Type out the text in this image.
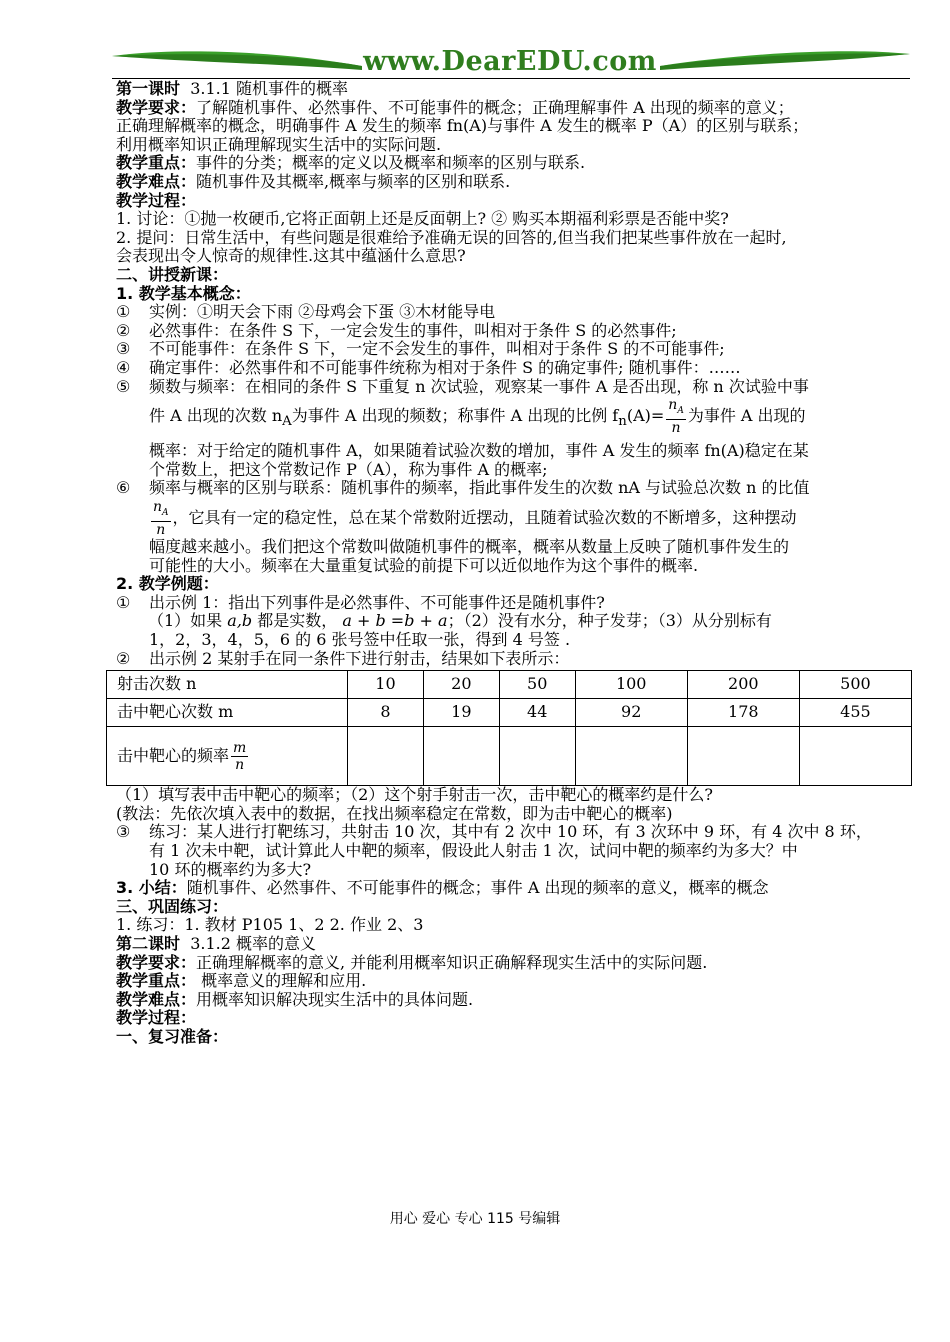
www.DearEDU.com

第一课时 3.1.1 随机事件的概率

教学要求：了解随机事件、必然事件、不可能事件的概念；正确理解事件 A 出现的频率的意义；

正确理解概率的概念，明确事件 A 发生的频率 fn(A)与事件 A 发生的概率 P（A）的区别与联系；

利用概率知识正确理解现实生活中的实际问题.

教学重点：事件的分类；概率的定义以及概率和频率的区别与联系.

教学难点：随机事件及其概率,概率与频率的区别和联系.

教学过程：

1. 讨论：①抛一枚硬币,它将正面朝上还是反面朝上? ② 购买本期福利彩票是否能中奖?

2. 提问：日常生活中，有些问题是很难给予准确无误的回答的,但当我们把某些事件放在一起时,

会表现出令人惊奇的规律性.这其中蕴涵什么意思?

二、讲授新课：

1. 教学基本概念：

① 实例：①明天会下雨 ②母鸡会下蛋 ③木材能导电

② 必然事件：在条件 S 下，一定会发生的事件，叫相对于条件 S 的必然事件;

③ 不可能事件：在条件 S 下，一定不会发生的事件，叫相对于条件 S 的不可能事件;

④ 确定事件：必然事件和不可能事件统称为相对于条件 S 的确定事件; 随机事件：……

⑤ 频数与频率：在相同的条件 S 下重复 n 次试验，观察某一事件 A 是否出现，称 n 次试验中事

件 A 出现的次数 $n_A$为事件 A 出现的频数；称事件 A 出现的比例 $f_n(A)= \frac{n_A}{n}$ 为事件 A 出现的

概率：对于给定的随机事件 A，如果随着试验次数的增加，事件 A 发生的频率 fn(A)稳定在某

个常数上，把这个常数记作 P（A），称为事件 A 的概率;

⑥ 频率与概率的区别与联系：随机事件的频率，指此事件发生的次数 nA 与试验总次数 n 的比值

$\frac{n_A}{n}$ ，它具有一定的稳定性，总在某个常数附近摆动，且随着试验次数的不断增多，这种摆动

幅度越来越小。我们把这个常数叫做随机事件的概率，概率从数量上反映了随机事件发生的

可能性的大小。频率在大量重复试验的前提下可以近似地作为这个事件的概率.

2. 教学例题：

① 出示例 1：指出下列事件是必然事件、不可能事件还是随机事件?

（1）如果 a,b 都是实数， a + b =b + a；（2）没有水分，种子发芽；（3）从分别标有

1，2，3，4，5，6 的 6 张号签中任取一张，得到 4 号签 .

② 出示例 2 某射手在同一条件下进行射击，结果如下表所示：

射击次数 n	10	20	50	100	200	500
击中靶心次数 m	8	19	44	92	178	455
击中靶心的频率 $\frac{m}{n}$

（1）填写表中击中靶心的频率；（2）这个射手射击一次，击中靶心的概率约是什么?

(教法：先依次填入表中的数据，在找出频率稳定在常数，即为击中靶心的概率)

③ 练习：某人进行打靶练习，共射击 10 次，其中有 2 次中 10 环，有 3 次环中 9 环，有 4 次中 8 环，

有 1 次未中靶，试计算此人中靶的频率，假设此人射击 1 次，试问中靶的频率约为多大？中

10 环的概率约为多大?

3. 小结：随机事件、必然事件、不可能事件的概念；事件 A 出现的频率的意义，概率的概念

三、巩固练习：

1. 练习：1. 教材 P105 1、2 2. 作业 2、3

第二课时 3.1.2 概率的意义

教学要求：正确理解概率的意义, 并能利用概率知识正确解释现实生活中的实际问题.

教学重点： 概率意义的理解和应用.

教学难点：用概率知识解决现实生活中的具体问题.

教学过程：

一、复习准备：

用心 爱心 专心 115 号编辑
